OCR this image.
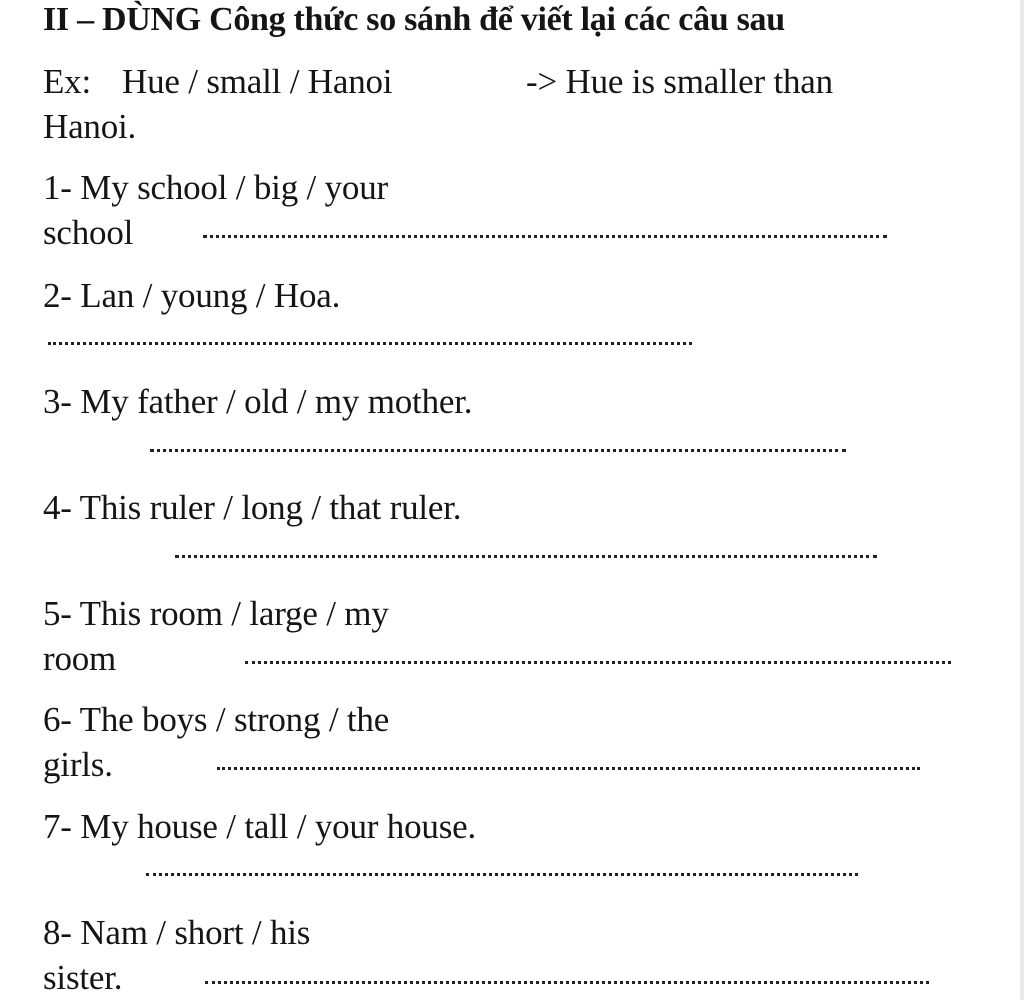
II – DÙNG Công thức so sánh để viết lại các câu sau
Ex: Hue / small / Hanoi	-> Hue is smaller than
Hanoi.
1- My school / big / your
school
2- Lan / young / Hoa.
3- My father / old / my mother.
4- This ruler / long / that ruler.
5- This room / large / my
room
6- The boys / strong / the
girls.
7- My house / tall / your house.
8- Nam / short / his
sister.
